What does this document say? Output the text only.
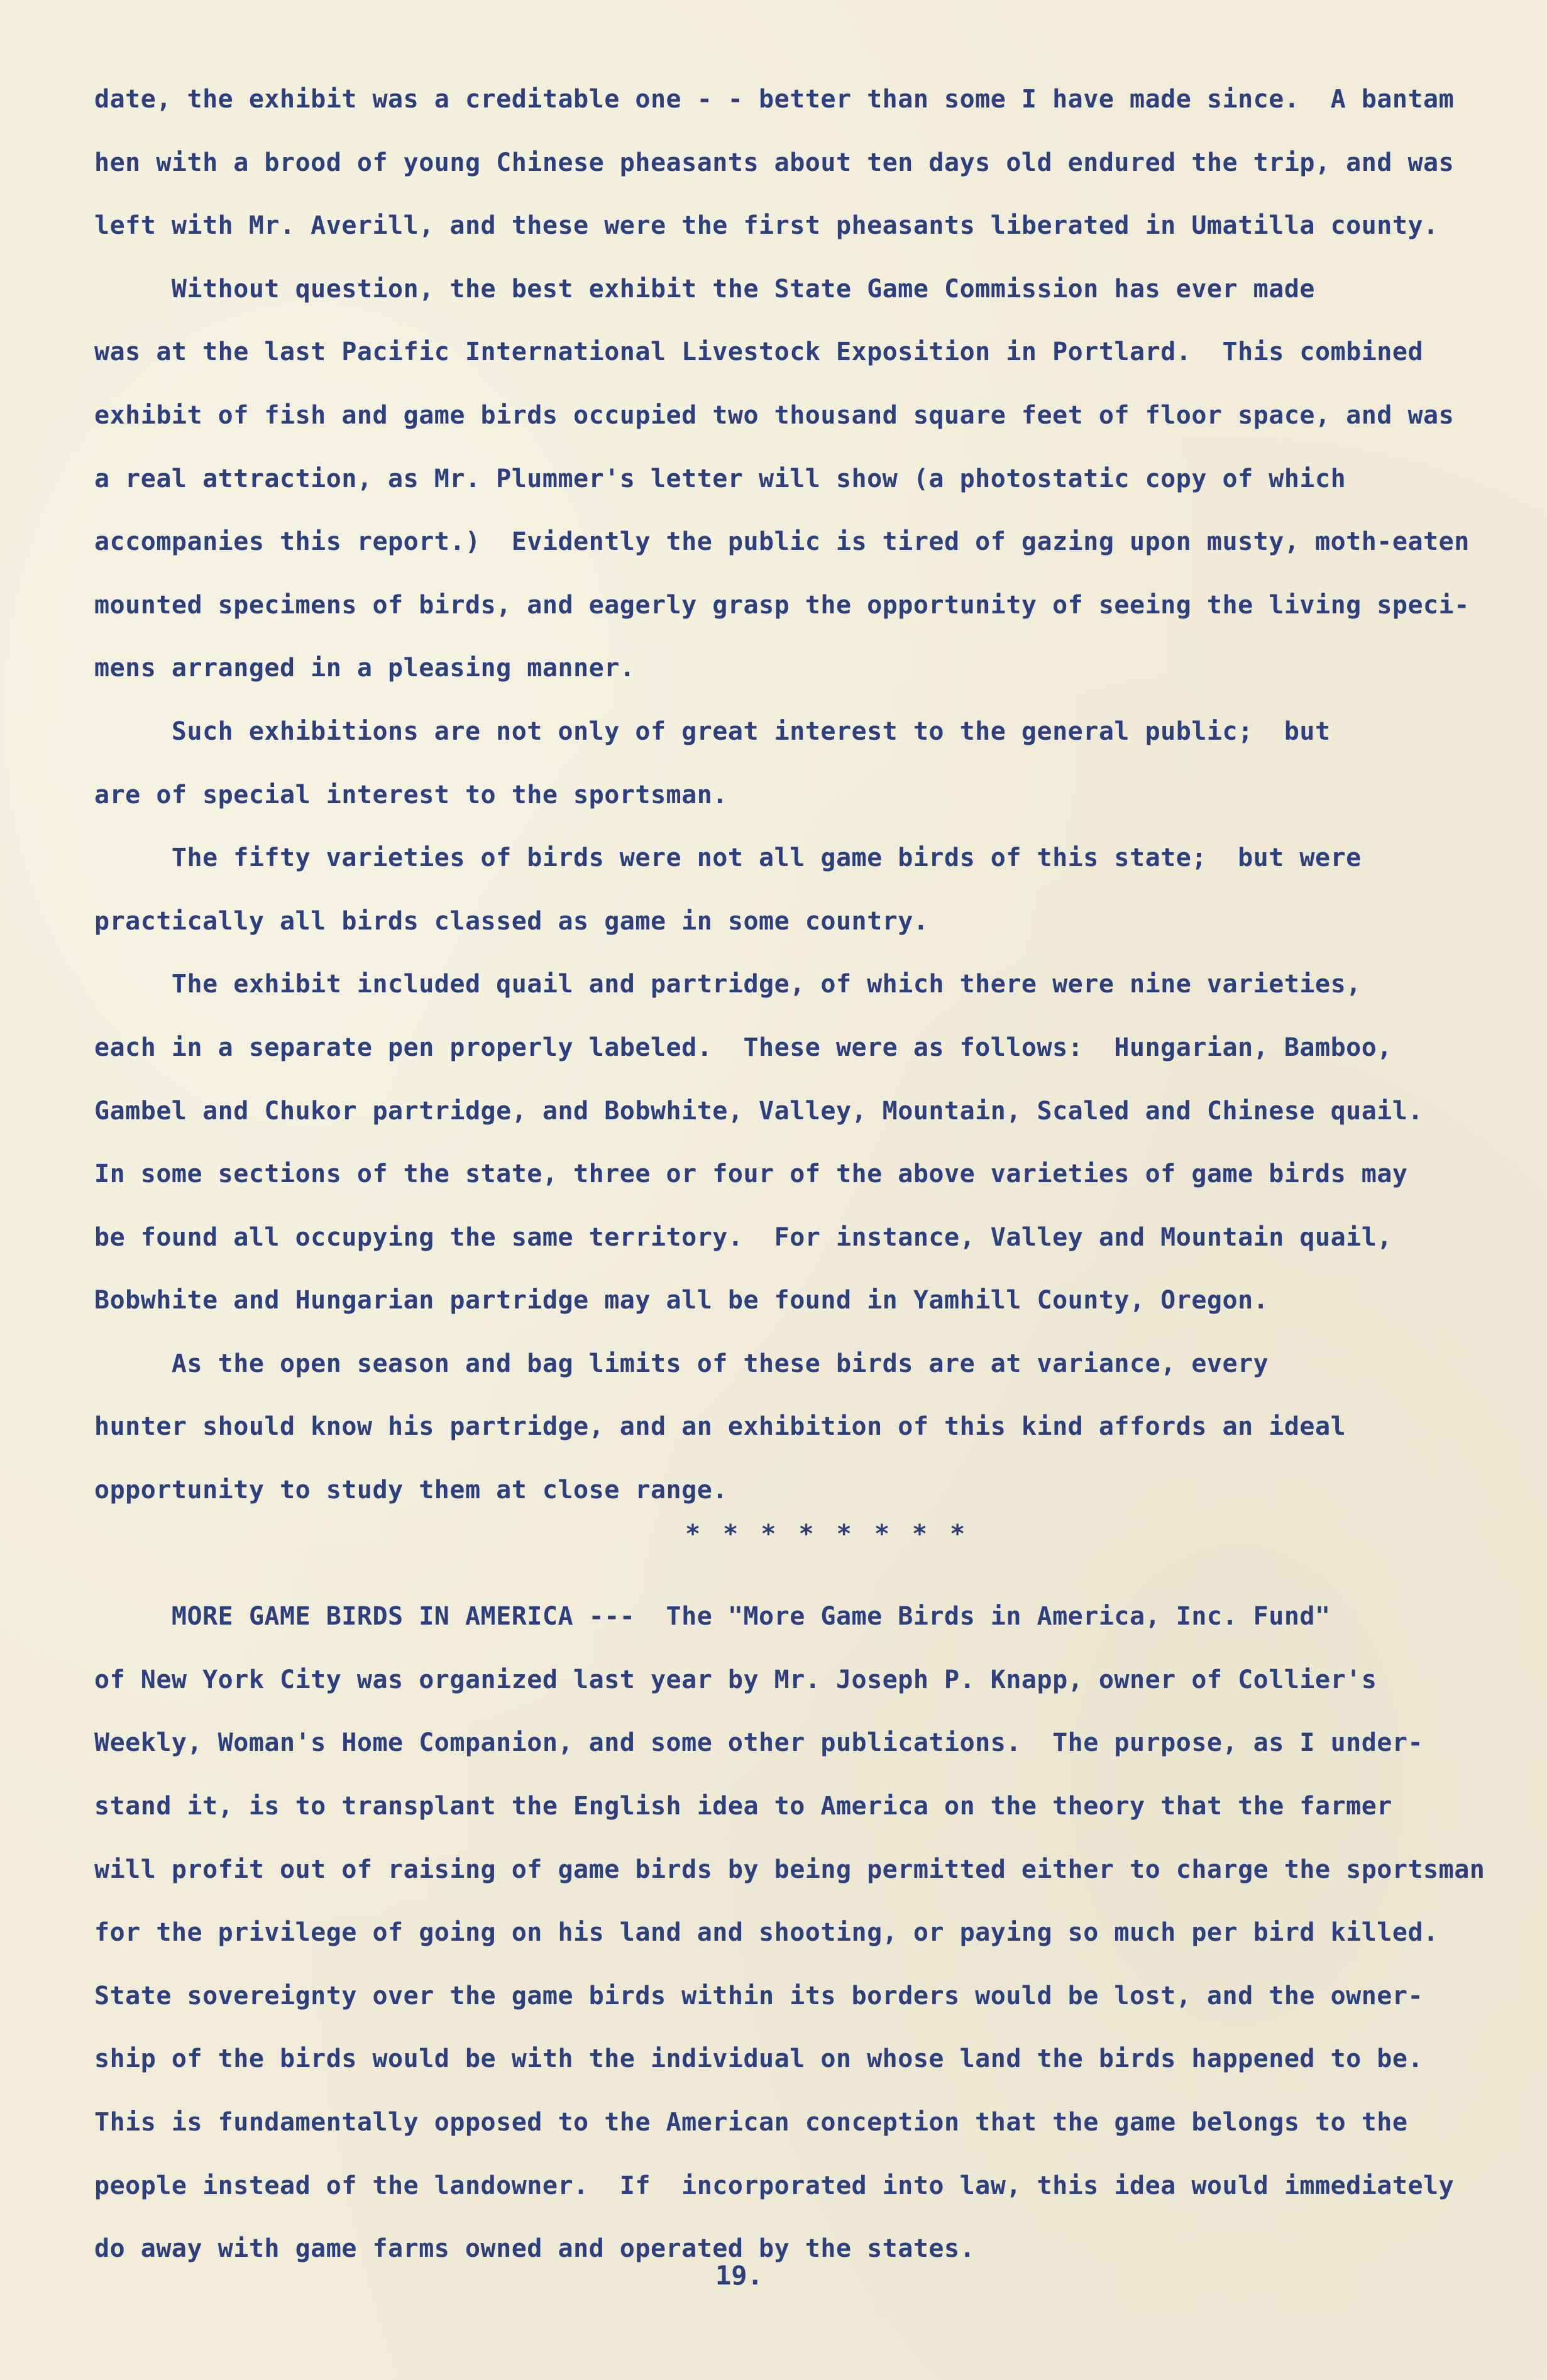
date, the exhibit was a creditable one - - better than some I have made since.  A bantam
hen with a brood of young Chinese pheasants about ten days old endured the trip, and was
left with Mr. Averill, and these were the first pheasants liberated in Umatilla county.
Without question, the best exhibit the State Game Commission has ever made
was at the last Pacific International Livestock Exposition in Portlard.  This combined
exhibit of fish and game birds occupied two thousand square feet of floor space, and was
a real attraction, as Mr. Plummer's letter will show (a photostatic copy of which
accompanies this report.)  Evidently the public is tired of gazing upon musty, moth-eaten
mounted specimens of birds, and eagerly grasp the opportunity of seeing the living speci-
mens arranged in a pleasing manner.
Such exhibitions are not only of great interest to the general public;  but
are of special interest to the sportsman.
The fifty varieties of birds were not all game birds of this state;  but were
practically all birds classed as game in some country.
The exhibit included quail and partridge, of which there were nine varieties,
each in a separate pen properly labeled.  These were as follows:  Hungarian, Bamboo,
Gambel and Chukor partridge, and Bobwhite, Valley, Mountain, Scaled and Chinese quail.
In some sections of the state, three or four of the above varieties of game birds may
be found all occupying the same territory.  For instance, Valley and Mountain quail,
Bobwhite and Hungarian partridge may all be found in Yamhill County, Oregon.
As the open season and bag limits of these birds are at variance, every
hunter should know his partridge, and an exhibition of this kind affords an ideal
opportunity to study them at close range.
MORE GAME BIRDS IN AMERICA ---  The "More Game Birds in America, Inc. Fund"
of New York City was organized last year by Mr. Joseph P. Knapp, owner of Collier's
Weekly, Woman's Home Companion, and some other publications.  The purpose, as I under-
stand it, is to transplant the English idea to America on the theory that the farmer
will profit out of raising of game birds by being permitted either to charge the sportsman
for the privilege of going on his land and shooting, or paying so much per bird killed.
State sovereignty over the game birds within its borders would be lost, and the owner-
ship of the birds would be with the individual on whose land the birds happened to be.
This is fundamentally opposed to the American conception that the game belongs to the
people instead of the landowner.  If  incorporated into law, this idea would immediately
do away with game farms owned and operated by the states.
* * * * * * * *
19.
